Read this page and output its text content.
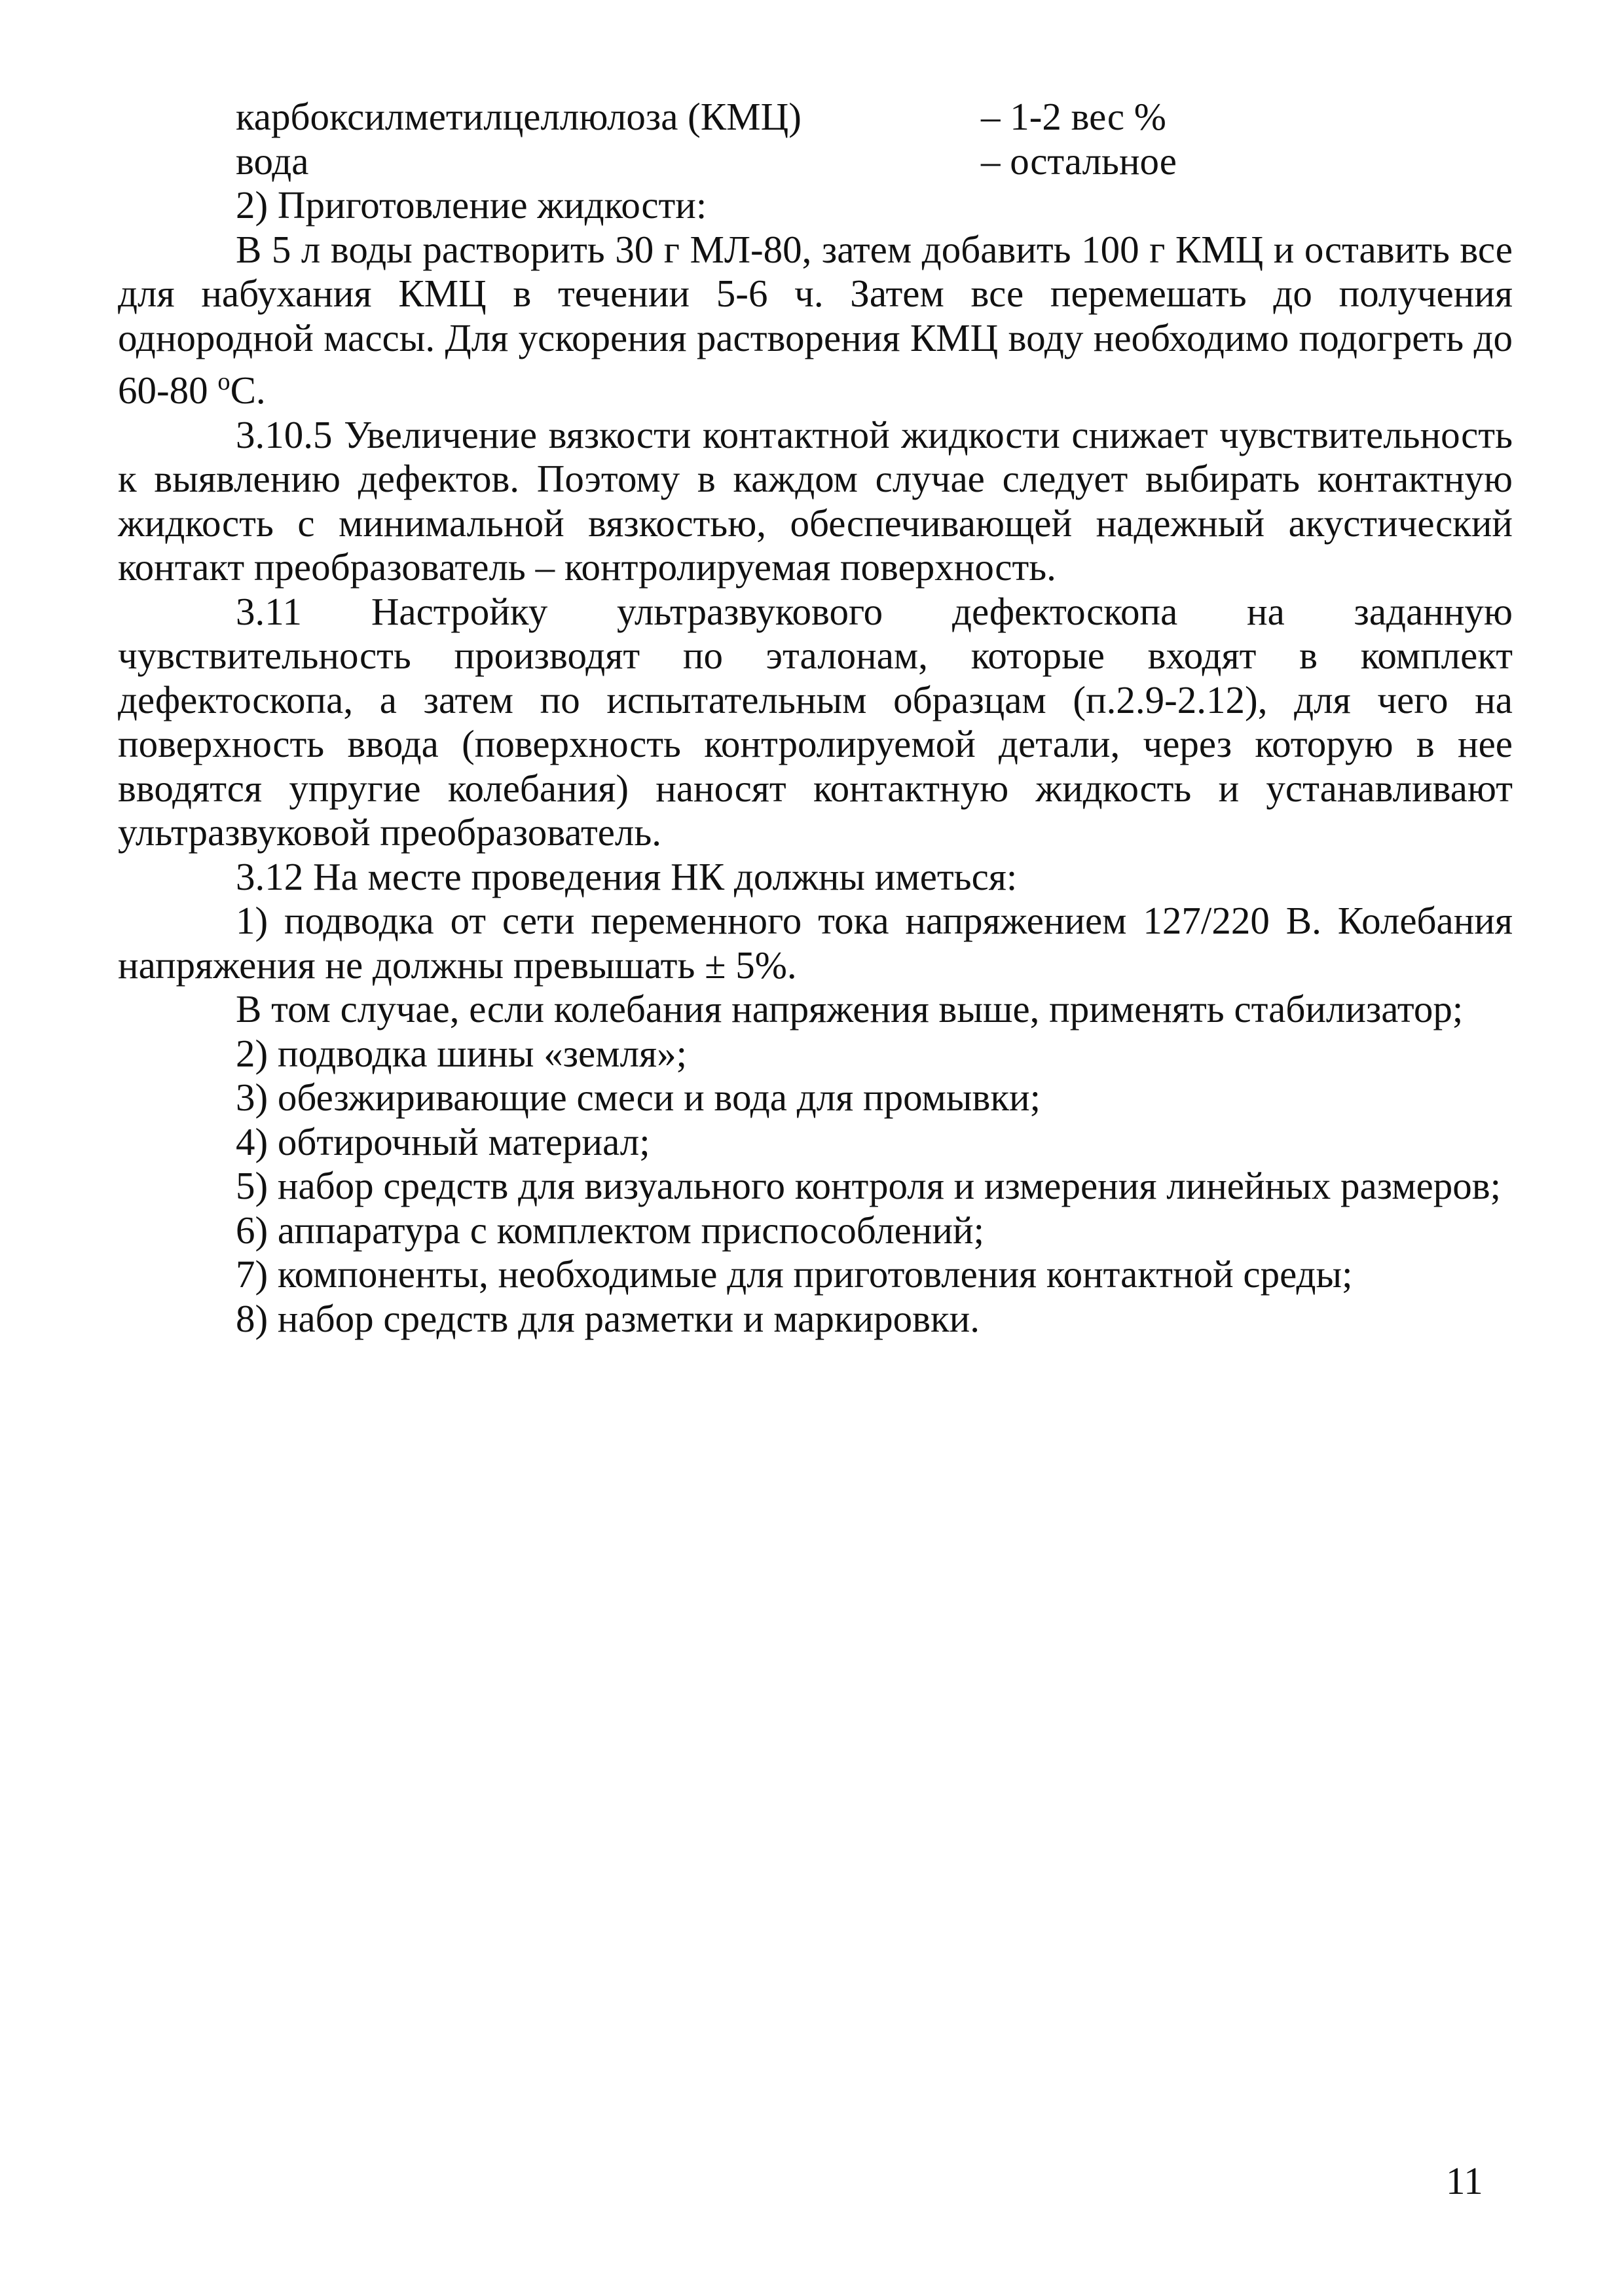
карбоксилметилцеллюлоза (КМЦ)	– 1-2 вес %
вода	– остальное

2) Приготовление жидкости:

В 5 л воды растворить 30 г МЛ-80, затем добавить 100 г КМЦ и оставить все для набухания КМЦ в течении 5-6 ч. Затем все перемешать до получения однородной массы. Для ускорения растворения КМЦ воду необходимо подогреть до 60-80 $^о$С.

3.10.5 Увеличение вязкости контактной жидкости снижает чувствительность к выявлению дефектов. Поэтому в каждом случае следует выбирать контактную жидкость с минимальной вязкостью, обеспечивающей надежный акустический контакт преобразователь – контролируемая поверхность.

3.11 Настройку ультразвукового дефектоскопа на заданную чувствительность производят по эталонам, которые входят в комплект дефектоскопа, а затем по испытательным образцам (п.2.9-2.12), для чего на поверхность ввода (поверхность контролируемой детали, через которую в нее вводятся упругие колебания) наносят контактную жидкость и устанавливают ультразвуковой преобразователь.

3.12 На месте проведения НК должны иметься:

1) подводка от сети переменного тока напряжением 127/220 В. Колебания напряжения не должны превышать ± 5%.

В том случае, если колебания напряжения выше, применять стабилизатор;

2) подводка шины «земля»;

3) обезжиривающие смеси и вода для промывки;

4) обтирочный материал;

5) набор средств для визуального контроля и измерения линейных размеров;

6) аппаратура с комплектом приспособлений;

7) компоненты, необходимые для приготовления контактной среды;

8) набор средств для разметки и маркировки.

11
